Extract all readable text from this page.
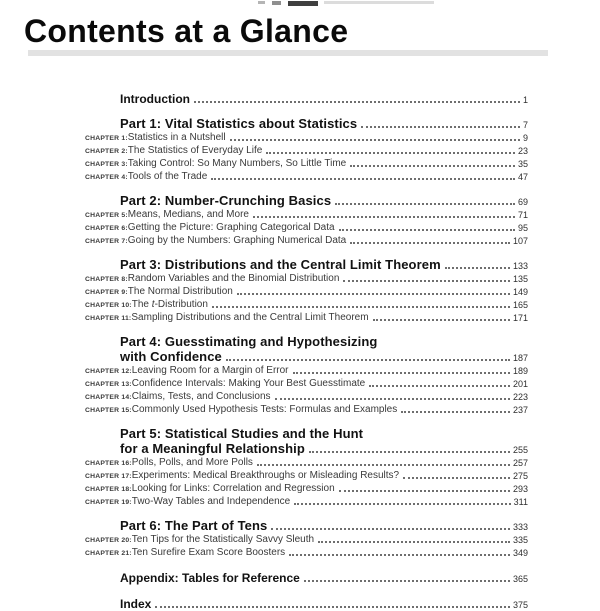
Contents at a Glance
Introduction	1
Part 1: Vital Statistics about Statistics	7
CHAPTER 1: Statistics in a Nutshell	9
CHAPTER 2: The Statistics of Everyday Life	23
CHAPTER 3: Taking Control: So Many Numbers, So Little Time	35
CHAPTER 4: Tools of the Trade	47
Part 2: Number-Crunching Basics	69
CHAPTER 5: Means, Medians, and More	71
CHAPTER 6: Getting the Picture: Graphing Categorical Data	95
CHAPTER 7: Going by the Numbers: Graphing Numerical Data	107
Part 3: Distributions and the Central Limit Theorem	133
CHAPTER 8: Random Variables and the Binomial Distribution	135
CHAPTER 9: The Normal Distribution	149
CHAPTER 10: The t-Distribution	165
CHAPTER 11: Sampling Distributions and the Central Limit Theorem	171
Part 4: Guesstimating and Hypothesizing
with Confidence	187
CHAPTER 12: Leaving Room for a Margin of Error	189
CHAPTER 13: Confidence Intervals: Making Your Best Guesstimate	201
CHAPTER 14: Claims, Tests, and Conclusions	223
CHAPTER 15: Commonly Used Hypothesis Tests: Formulas and Examples	237
Part 5: Statistical Studies and the Hunt
for a Meaningful Relationship	255
CHAPTER 16: Polls, Polls, and More Polls	257
CHAPTER 17: Experiments: Medical Breakthroughs or Misleading Results?	275
CHAPTER 18: Looking for Links: Correlation and Regression	293
CHAPTER 19: Two-Way Tables and Independence	311
Part 6: The Part of Tens	333
CHAPTER 20: Ten Tips for the Statistically Savvy Sleuth	335
CHAPTER 21: Ten Surefire Exam Score Boosters	349
Appendix: Tables for Reference	365
Index	375
